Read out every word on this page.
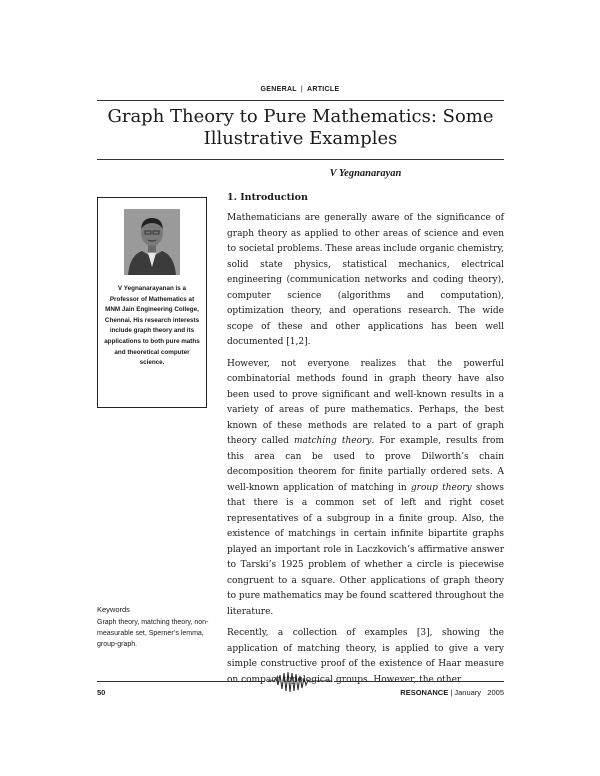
GENERAL | ARTICLE
Graph Theory to Pure Mathematics: Some Illustrative Examples
V Yegnanarayan
V Yegnanarayanan is a Professor of Mathematics at MNM Jain Engineering College, Chennai. His research interests include graph theory and its applications to both pure maths and theoretical computer science.
1. Introduction

Mathematicians are generally aware of the significance of graph theory as applied to other areas of science and even to societal problems. These areas include organic chemistry, solid state physics, statistical mechanics, electrical engineering (communication networks and coding theory), computer science (algorithms and computation), optimization theory, and operations research. The wide scope of these and other applications has been well documented [1,2].

However, not everyone realizes that the powerful combinatorial methods found in graph theory have also been used to prove significant and well-known results in a variety of areas of pure mathematics. Perhaps, the best known of these methods are related to a part of graph theory called matching theory. For example, results from this area can be used to prove Dilworth’s chain decomposition theorem for finite partially ordered sets. A well-known application of matching in group theory shows that there is a common set of left and right coset representatives of a subgroup in a finite group. Also, the existence of matchings in certain infinite bipartite graphs played an important role in Laczkovich’s affirmative answer to Tarski’s 1925 problem of whether a circle is piecewise congruent to a square. Other applications of graph theory to pure mathematics may be found scattered throughout the literature.

Recently, a collection of examples [3], showing the application of matching theory, is applied to give a very simple constructive proof of the existence of Haar measure on compact topological groups. However, the other

Keywords
Graph theory, matching theory, non-measurable set, Sperner’s lemma, group-graph.
50	RESONANCE | January   2005
